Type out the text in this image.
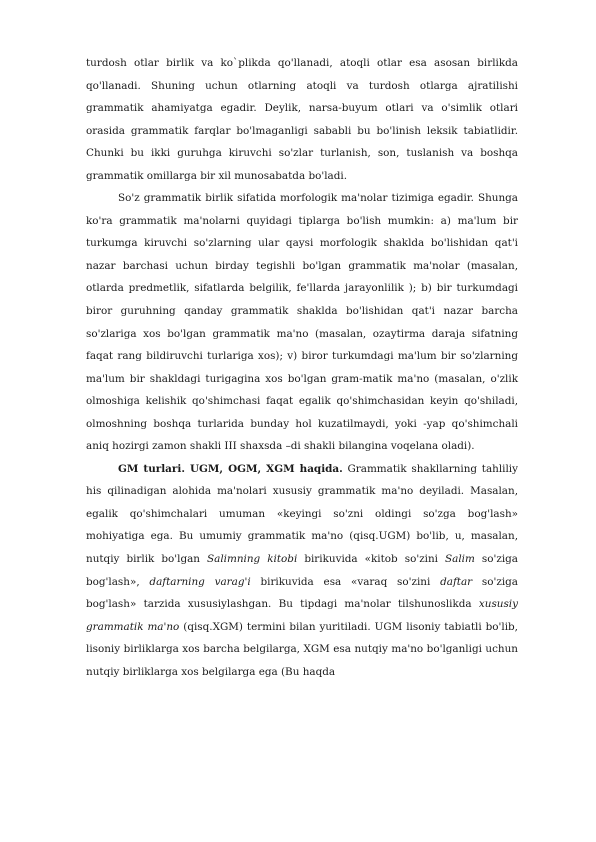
turdosh otlar birlik va ko`plikda qo'llanadi, atoqli otlar esa asosan birlikda qo'llanadi. Shuning uchun otlarning atoqli va turdosh otlarga ajratilishi grammatik ahamiyatga egadir. Deylik, narsa-buyum otlari va o'simlik otlari orasida grammatik farqlar bo'lmaganligi sababli bu bo'linish leksik tabiatlidir. Chunki bu ikki guruhga kiruvchi so'zlar turlanish, son, tuslanish va boshqa grammatik omillarga bir xil munosabatda bo'ladi.

So'z grammatik birlik sifatida morfologik ma'nolar tizimiga egadir. Shunga ko'ra grammatik ma'nolarni quyidagi tiplarga bo'lish mumkin: a) ma'lum bir turkumga kiruvchi so'zlarning ular qaysi morfologik shaklda bo'lishidan qat'i nazar barchasi uchun birday tegishli bo'lgan grammatik ma'nolar (masalan, otlarda predmetlik, sifatlarda belgilik, fe'llarda jarayonlilik ); b) bir turkumdagi biror guruhning qanday grammatik shaklda bo'lishidan qat'i nazar barcha so'zlariga xos bo'lgan grammatik ma'no (masalan, ozaytirma daraja sifatning faqat rang bildiruvchi turlariga xos); v) biror turkumdagi ma'lum bir so'zlarning ma'lum bir shakldagi turigagina xos bo'lgan gram-matik ma'no (masalan, o'zlik olmoshiga kelishik qo'shimchasi faqat egalik qo'shimchasidan keyin qo'shiladi, olmoshning boshqa turlarida bunday hol kuzatilmaydi, yoki -yap qo'shimchali aniq hozirgi zamon shakli III shaxsda –di shakli bilangina voqelana oladi).

GM turlari. UGM, OGM, XGM haqida. Grammatik shakllarning tahliliy his qilinadigan alohida ma'nolari xususiy grammatik ma'no deyiladi. Masalan, egalik qo'shimchalari umuman «keyingi so'zni oldingi so'zga bog'lash» mohiyatiga ega. Bu umumiy grammatik ma'no (qisq.UGM) bo'lib, u, masalan, nutqiy birlik bo'lgan Salimning kitobi birikuvida «kitob so'zini Salim so'ziga bog'lash», daftarning varag'i birikuvida esa «varaq so'zini daftar so'ziga bog'lash» tarzida xususiylashgan. Bu tipdagi ma'nolar tilshunoslikda xususiy grammatik ma'no (qisq.XGM) termini bilan yuritiladi. UGM lisoniy tabiatli bo'lib, lisoniy birliklarga xos barcha belgilarga, XGM esa nutqiy ma'no bo'lganligi uchun nutqiy birliklarga xos belgilarga ega (Bu haqda
